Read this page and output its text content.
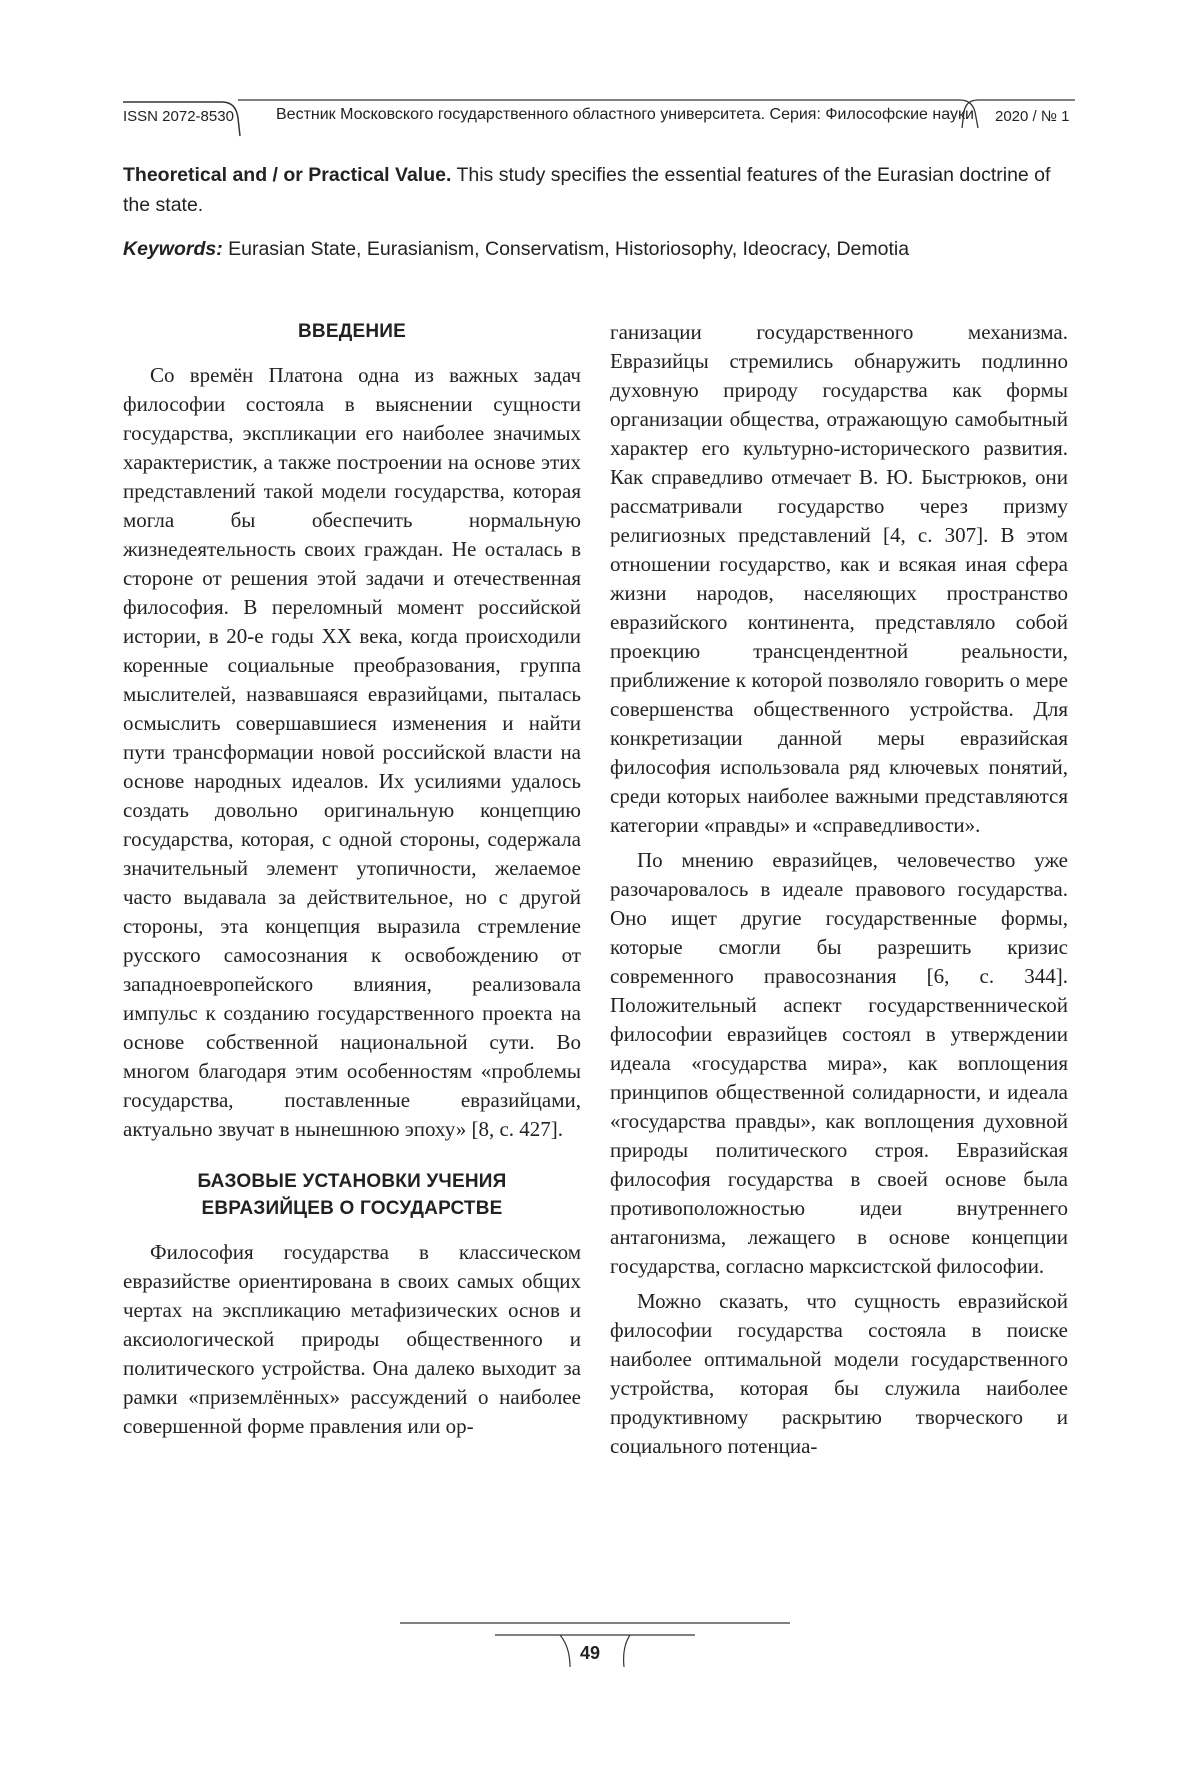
ISSN 2072-8530	Вестник Московского государственного областного университета. Серия: Философские науки 2020 / № 1

Theoretical and / or Practical Value. This study specifies the essential features of the Eurasian doctrine of the state.

Keywords: Eurasian State, Eurasianism, Conservatism, Historiosophy, Ideocracy, Demotia

ВВЕДЕНИЕ

Со времён Платона одна из важных задач философии состояла в выяснении сущности государства, экспликации его наиболее значимых характеристик, а также построении на основе этих представлений такой модели государства, которая могла бы обеспечить нормальную жизнедеятельность своих граждан. Не осталась в стороне от решения этой задачи и отечественная философия. В переломный момент российской истории, в 20-е годы XX века, когда происходили коренные социальные преобразования, группа мыслителей, назвавшаяся евразийцами, пыталась осмыслить совершавшиеся изменения и найти пути трансформации новой российской власти на основе народных идеалов. Их усилиями удалось создать довольно оригинальную концепцию государства, которая, с одной стороны, содержала значительный элемент утопичности, желаемое часто выдавала за действительное, но с другой стороны, эта концепция выразила стремление русского самосознания к освобождению от западноевропейского влияния, реализовала импульс к созданию государственного проекта на основе собственной национальной сути. Во многом благодаря этим особенностям «проблемы государства, поставленные евразийцами, актуально звучат в нынешнюю эпоху» [8, с. 427].

БАЗОВЫЕ УСТАНОВКИ УЧЕНИЯ
ЕВРАЗИЙЦЕВ О ГОСУДАРСТВЕ

Философия государства в классическом евразийстве ориентирована в своих самых общих чертах на экспликацию метафизических основ и аксиологической природы общественного и политического устройства. Она далеко выходит за рамки «приземлённых» рассуждений о наиболее совершенной форме правления или ор-

ганизации государственного механизма. Евразийцы стремились обнаружить подлинно духовную природу государства как формы организации общества, отражающую самобытный характер его культурно-исторического развития. Как справедливо отмечает В. Ю. Быстрюков, они рассматривали государство через призму религиозных представлений [4, с. 307]. В этом отношении государство, как и всякая иная сфера жизни народов, населяющих пространство евразийского континента, представляло собой проекцию трансцендентной реальности, приближение к которой позволяло говорить о мере совершенства общественного устройства. Для конкретизации данной меры евразийская философия использовала ряд ключевых понятий, среди которых наиболее важными представляются категории «правды» и «справедливости».

По мнению евразийцев, человечество уже разочаровалось в идеале правового государства. Оно ищет другие государственные формы, которые смогли бы разрешить кризис современного правосознания [6, с. 344]. Положительный аспект государственнической философии евразийцев состоял в утверждении идеала «государства мира», как воплощения принципов общественной солидарности, и идеала «государства правды», как воплощения духовной природы политического строя. Евразийская философия государства в своей основе была противоположностью идеи внутреннего антагонизма, лежащего в основе концепции государства, согласно марксистской философии.

Можно сказать, что сущность евразийской философии государства состояла в поиске наиболее оптимальной модели государственного устройства, которая бы служила наиболее продуктивному раскрытию творческого и социального потенциа-

49
